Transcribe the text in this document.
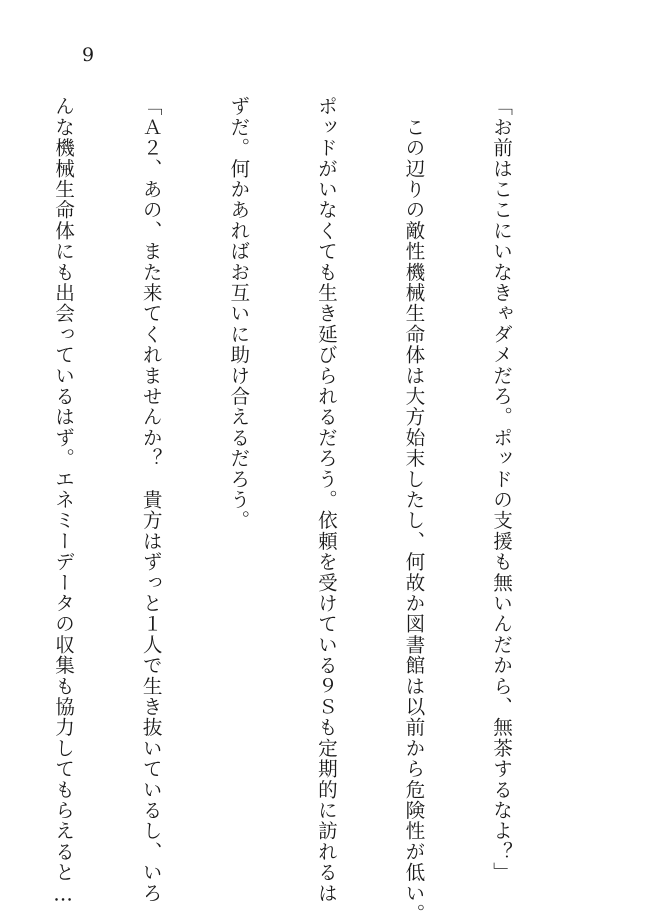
9

「お前はここにいなきゃダメだろ。ポッドの支援も無いんだから、無茶するなよ？」

　この辺りの敵性機械生命体は大方始末したし、何故か図書館は以前から危険性が低い。

ポッドがいなくても生き延びられるだろう。依頼を受けている９Ｓも定期的に訪れるは

ずだ。何かあればお互いに助け合えるだろう。

「Ａ２、あの、また来てくれませんか？　貴方はずっと１人で生き抜いているし、いろ

んな機械生命体にも出会っているはず。エネミーデータの収集も協力してもらえると…
